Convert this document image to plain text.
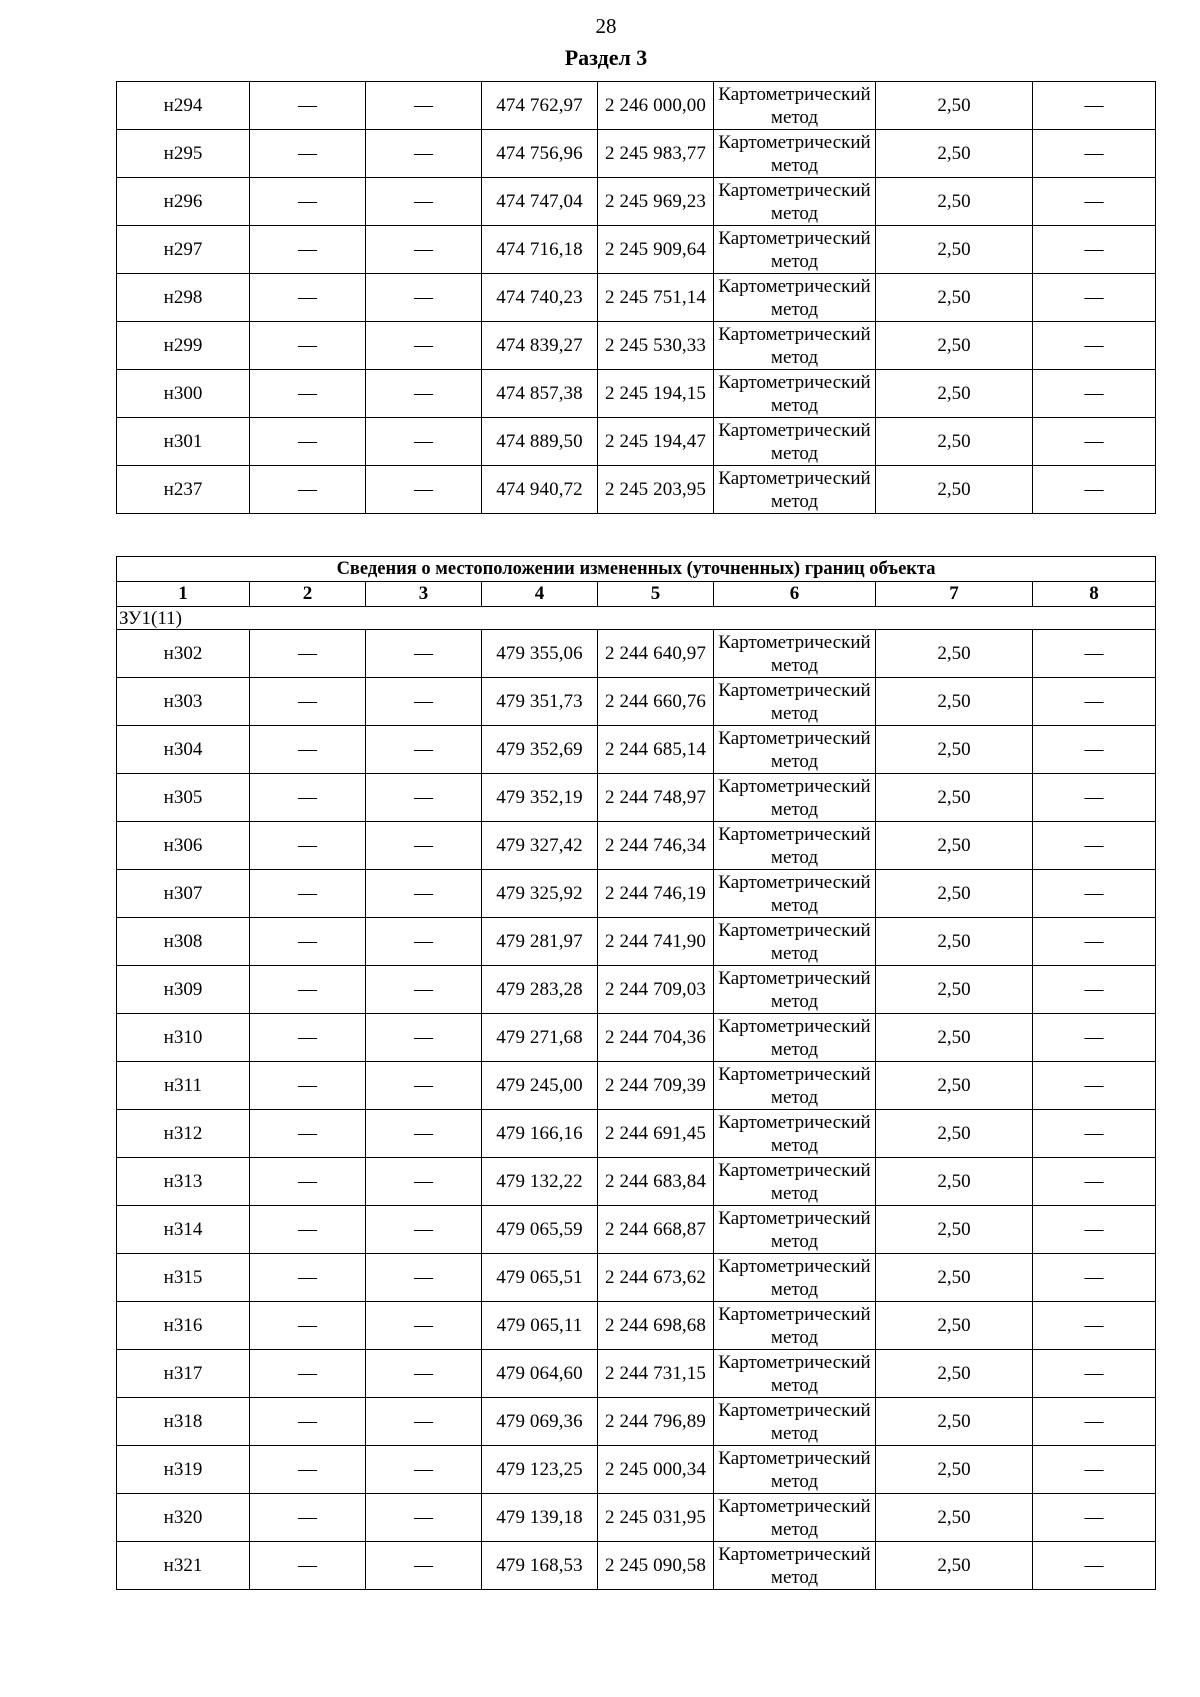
28
Раздел 3
н294	—	—	474 762,97	2 246 000,00	Картометрический метод	2,50	—
н295	—	—	474 756,96	2 245 983,77	Картометрический метод	2,50	—
н296	—	—	474 747,04	2 245 969,23	Картометрический метод	2,50	—
н297	—	—	474 716,18	2 245 909,64	Картометрический метод	2,50	—
н298	—	—	474 740,23	2 245 751,14	Картометрический метод	2,50	—
н299	—	—	474 839,27	2 245 530,33	Картометрический метод	2,50	—
н300	—	—	474 857,38	2 245 194,15	Картометрический метод	2,50	—
н301	—	—	474 889,50	2 245 194,47	Картометрический метод	2,50	—
н237	—	—	474 940,72	2 245 203,95	Картометрический метод	2,50	—
Сведения о местоположении измененных (уточненных) границ объекта							
1	2	3	4	5	6	7	8
ЗУ1(11)							
н302	—	—	479 355,06	2 244 640,97	Картометрический метод	2,50	—
н303	—	—	479 351,73	2 244 660,76	Картометрический метод	2,50	—
н304	—	—	479 352,69	2 244 685,14	Картометрический метод	2,50	—
н305	—	—	479 352,19	2 244 748,97	Картометрический метод	2,50	—
н306	—	—	479 327,42	2 244 746,34	Картометрический метод	2,50	—
н307	—	—	479 325,92	2 244 746,19	Картометрический метод	2,50	—
н308	—	—	479 281,97	2 244 741,90	Картометрический метод	2,50	—
н309	—	—	479 283,28	2 244 709,03	Картометрический метод	2,50	—
н310	—	—	479 271,68	2 244 704,36	Картометрический метод	2,50	—
н311	—	—	479 245,00	2 244 709,39	Картометрический метод	2,50	—
н312	—	—	479 166,16	2 244 691,45	Картометрический метод	2,50	—
н313	—	—	479 132,22	2 244 683,84	Картометрический метод	2,50	—
н314	—	—	479 065,59	2 244 668,87	Картометрический метод	2,50	—
н315	—	—	479 065,51	2 244 673,62	Картометрический метод	2,50	—
н316	—	—	479 065,11	2 244 698,68	Картометрический метод	2,50	—
н317	—	—	479 064,60	2 244 731,15	Картометрический метод	2,50	—
н318	—	—	479 069,36	2 244 796,89	Картометрический метод	2,50	—
н319	—	—	479 123,25	2 245 000,34	Картометрический метод	2,50	—
н320	—	—	479 139,18	2 245 031,95	Картометрический метод	2,50	—
н321	—	—	479 168,53	2 245 090,58	Картометрический метод	2,50	—
